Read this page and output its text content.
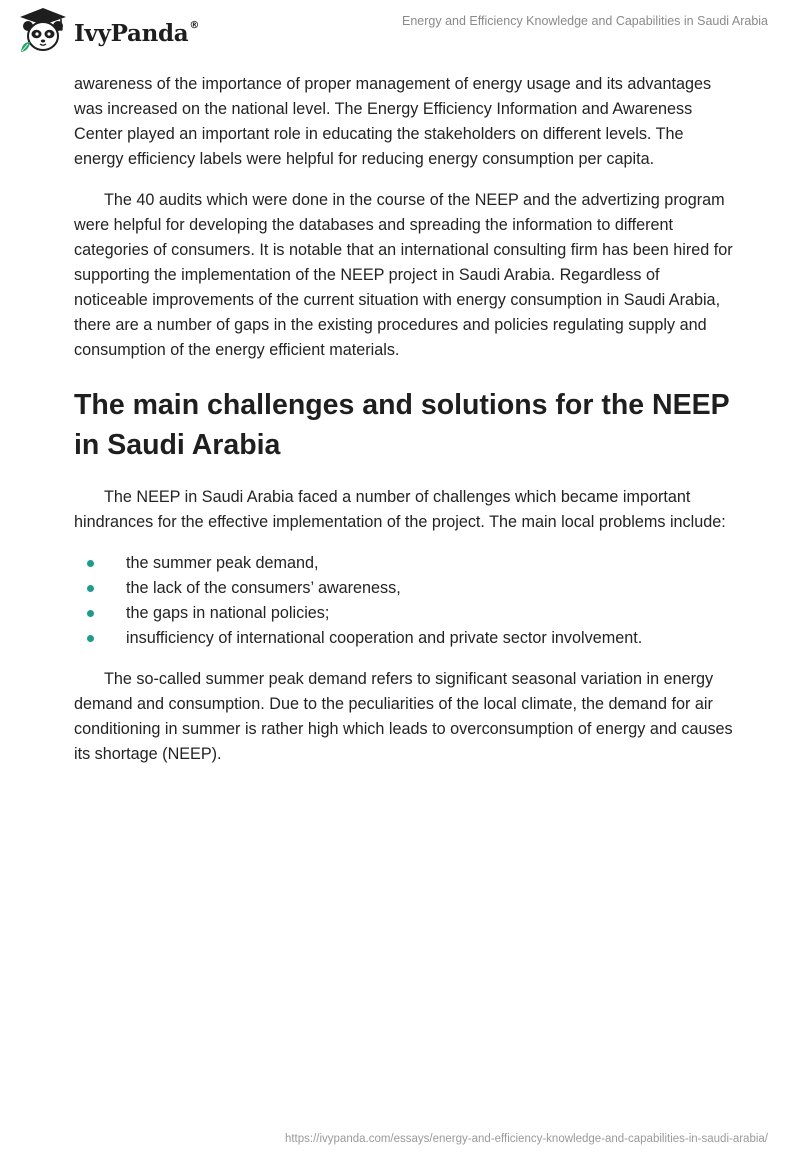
IvyPanda®	Energy and Efficiency Knowledge and Capabilities in Saudi Arabia

awareness of the importance of proper management of energy usage and its advantages was increased on the national level. The Energy Efficiency Information and Awareness Center played an important role in educating the stakeholders on different levels. The energy efficiency labels were helpful for reducing energy consumption per capita.

The 40 audits which were done in the course of the NEEP and the advertizing program were helpful for developing the databases and spreading the information to different categories of consumers. It is notable that an international consulting firm has been hired for supporting the implementation of the NEEP project in Saudi Arabia. Regardless of noticeable improvements of the current situation with energy consumption in Saudi Arabia, there are a number of gaps in the existing procedures and policies regulating supply and consumption of the energy efficient materials.

The main challenges and solutions for the NEEP in Saudi Arabia

The NEEP in Saudi Arabia faced a number of challenges which became important hindrances for the effective implementation of the project. The main local problems include:

the summer peak demand,
the lack of the consumers’ awareness,
the gaps in national policies;
insufficiency of international cooperation and private sector involvement.

The so-called summer peak demand refers to significant seasonal variation in energy demand and consumption. Due to the peculiarities of the local climate, the demand for air conditioning in summer is rather high which leads to overconsumption of energy and causes its shortage (NEEP).

https://ivypanda.com/essays/energy-and-efficiency-knowledge-and-capabilities-in-saudi-arabia/
